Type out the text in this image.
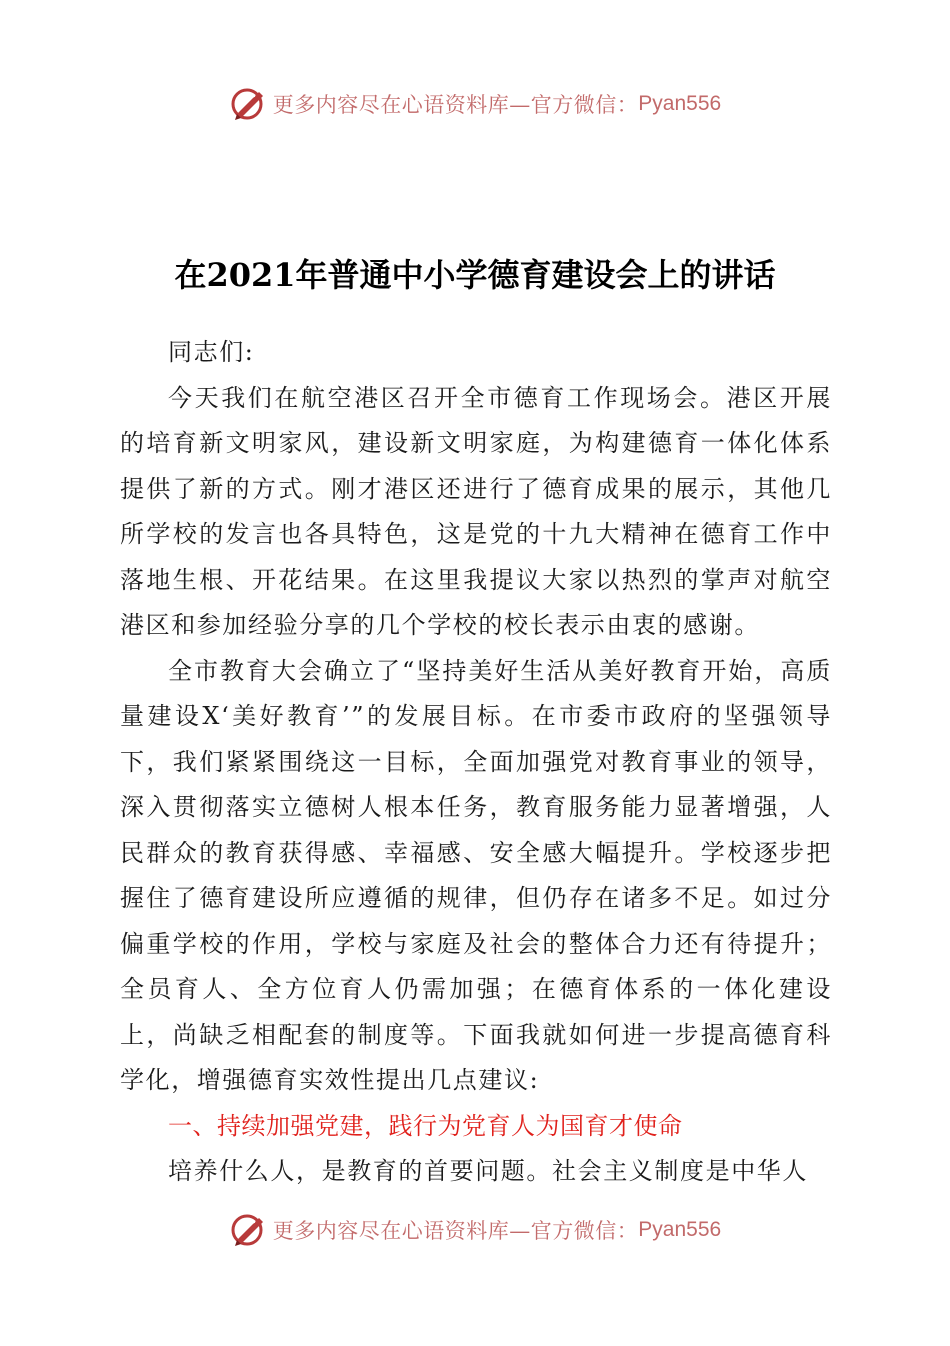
更多内容尽在心语资料库 —官方微信： Pyan556
在2021年普通中小学德育建设会上的讲话

同志们:

今天我们在航空港区召开全市德育工作现场会。港区开展的培育新文明家风，建设新文明家庭，为构建德育一体化体系提供了新的方式。刚才港区还进行了德育成果的展示，其他几所学校的发言也各具特色，这是党的十九大精神在德育工作中落地生根、开花结果。在这里我提议大家以热烈的掌声对航空港区和参加经验分享的几个学校的校长表示由衷的感谢。

全市教育大会确立了“坚持美好生活从美好教育开始，高质量建设X‘美好教育’”的发展目标。在市委市政府的坚强领导下，我们紧紧围绕这一目标，全面加强党对教育事业的领导，深入贯彻落实立德树人根本任务，教育服务能力显著增强，人民群众的教育获得感、幸福感、安全感大幅提升。学校逐步把握住了德育建设所应遵循的规律，但仍存在诸多不足。如过分偏重学校的作用，学校与家庭及社会的整体合力还有待提升；全员育人、全方位育人仍需加强；在德育体系的一体化建设上，尚缺乏相配套的制度等。下面我就如何进一步提高德育科学化，增强德育实效性提出几点建议:

一、持续加强党建，践行为党育人为国育才使命

培养什么人，是教育的首要问题。社会主义制度是中华人

更多内容尽在心语资料库 —官方微信： Pyan556
